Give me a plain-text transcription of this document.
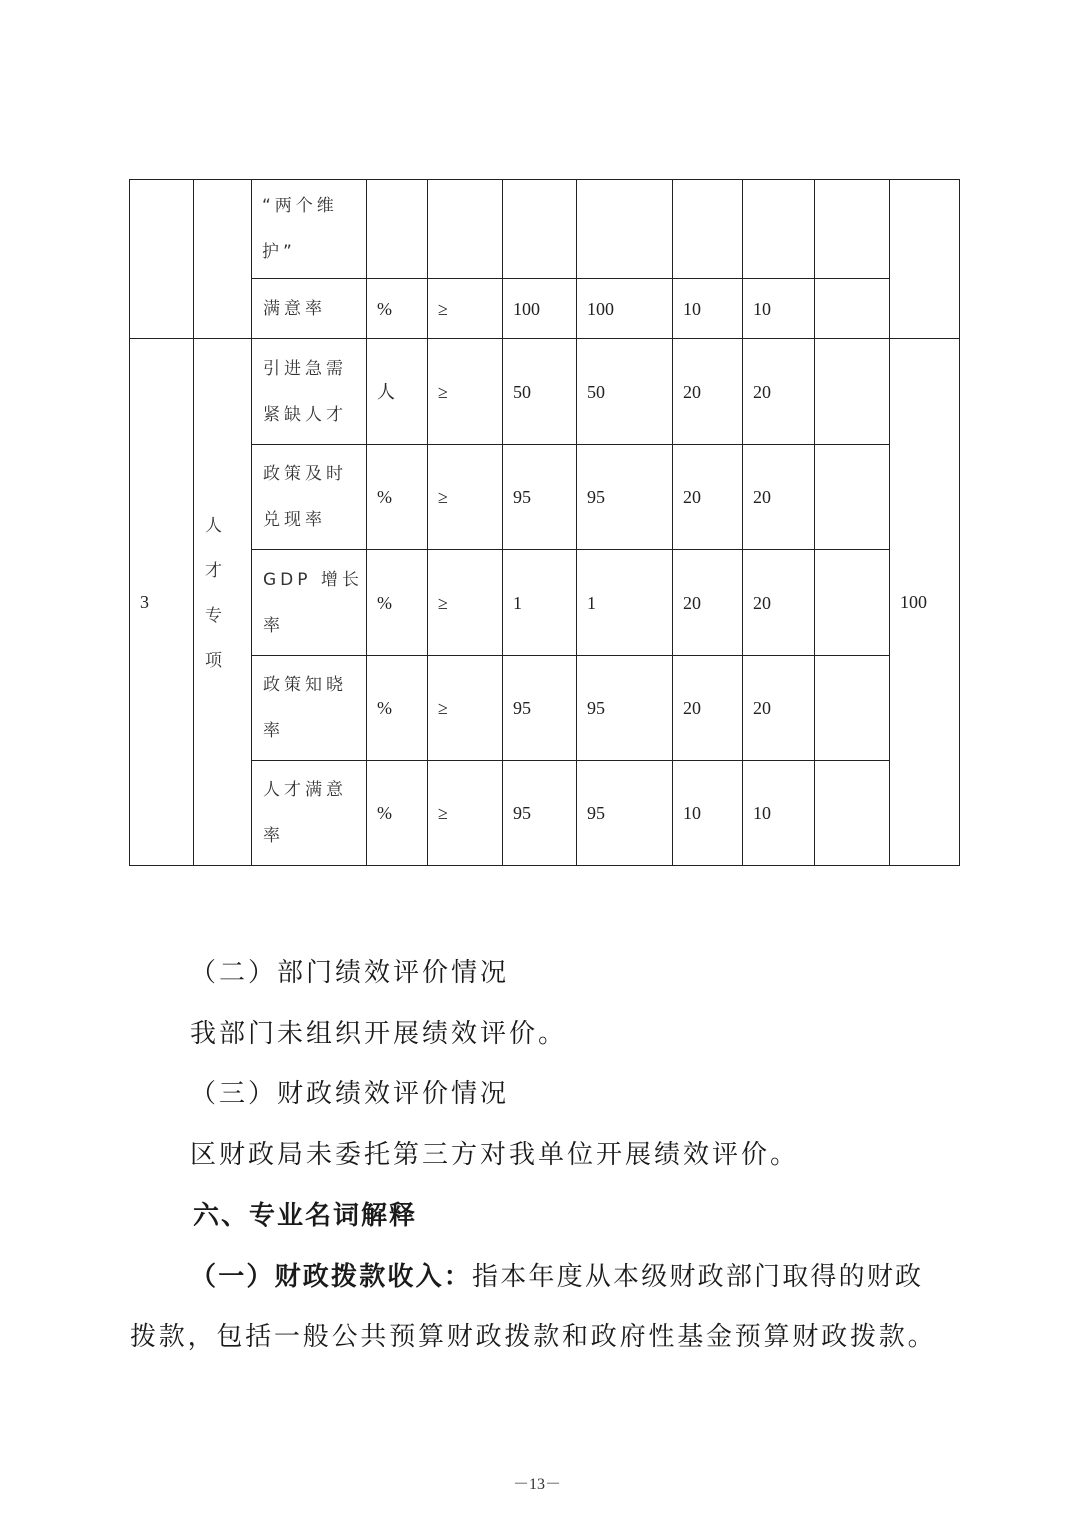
		“两个维护”								
		满意率	%	≥	100	100	10	10		
3	人才专项	引进急需紧缺人才	人	≥	50	50	20	20		100
		政策及时兑现率	%	≥	95	95	20	20		
		GDP 增长率	%	≥	1	1	20	20		
		政策知晓率	%	≥	95	95	20	20		
		人才满意率	%	≥	95	95	10	10		
（二）部门绩效评价情况
我部门未组织开展绩效评价。
（三）财政绩效评价情况
区财政局未委托第三方对我单位开展绩效评价。
六、专业名词解释
（一）财政拨款收入：指本年度从本级财政部门取得的财政
拨款，包括一般公共预算财政拨款和政府性基金预算财政拨款。
－13－
